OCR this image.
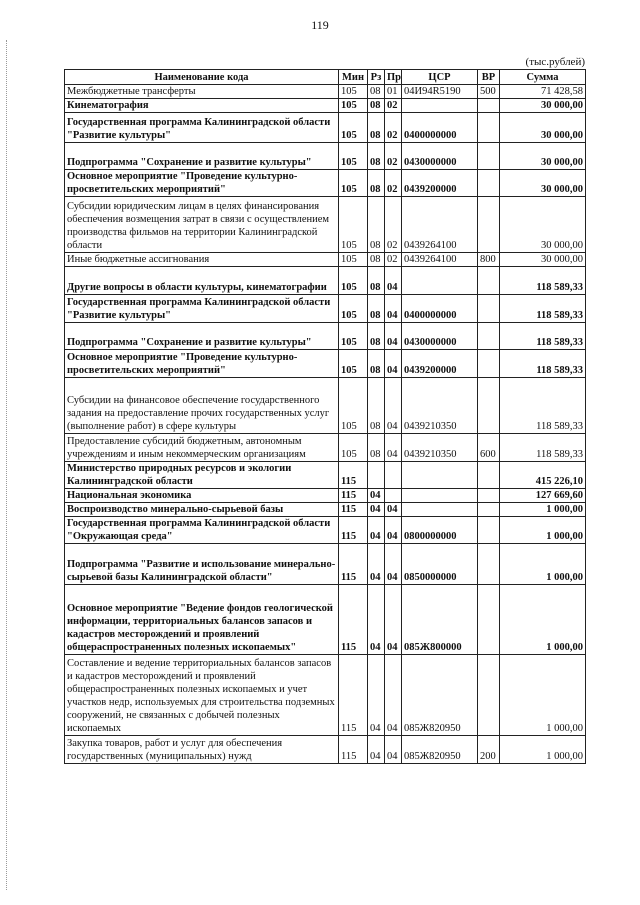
119
(тыс.рублей)
Наименование кода	Мин	Рз	Пр	ЦСР	ВР	Сумма
Межбюджетные трансферты	105	08	01	04И94R5190	500	71 428,58
Кинематография	105	08	02			30 000,00
Государственная программа Калининградской области "Развитие культуры"	105	08	02	0400000000		30 000,00
Подпрограмма "Сохранение и развитие культуры"	105	08	02	0430000000		30 000,00
Основное мероприятие "Проведение культурно-просветительских мероприятий"	105	08	02	0439200000		30 000,00
Субсидии юридическим лицам в целях финансирования обеспечения возмещения затрат в связи с осуществлением производства фильмов на территории Калининградской области	105	08	02	0439264100		30 000,00
Иные бюджетные ассигнования	105	08	02	0439264100	800	30 000,00
Другие вопросы в области культуры, кинематографии	105	08	04			118 589,33
Государственная программа Калининградской области "Развитие культуры"	105	08	04	0400000000		118 589,33
Подпрограмма "Сохранение и развитие культуры"	105	08	04	0430000000		118 589,33
Основное мероприятие "Проведение культурно-просветительских мероприятий"	105	08	04	0439200000		118 589,33
Субсидии на финансовое обеспечение государственного задания на предоставление прочих государственных услуг (выполнение работ) в сфере культуры	105	08	04	0439210350		118 589,33
Предоставление субсидий бюджетным, автономным учреждениям и иным некоммерческим организациям	105	08	04	0439210350	600	118 589,33
Министерство природных ресурсов и экологии Калининградской области	115					415 226,10
Национальная экономика	115	04				127 669,60
Воспроизводство минерально-сырьевой базы	115	04	04			1 000,00
Государственная программа Калининградской области "Окружающая среда"	115	04	04	0800000000		1 000,00
Подпрограмма "Развитие и использование минерально-сырьевой базы Калининградской области"	115	04	04	0850000000		1 000,00
Основное мероприятие "Ведение фондов геологической информации, территориальных балансов запасов и кадастров месторождений и проявлений общераспространенных полезных ископаемых"	115	04	04	085Ж800000		1 000,00
Составление и ведение территориальных балансов запасов и кадастров месторождений и проявлений общераспространенных полезных ископаемых и учет участков недр, используемых для строительства подземных сооружений, не связанных с добычей полезных ископаемых	115	04	04	085Ж820950		1 000,00
Закупка товаров, работ и услуг для обеспечения государственных (муниципальных) нужд	115	04	04	085Ж820950	200	1 000,00
